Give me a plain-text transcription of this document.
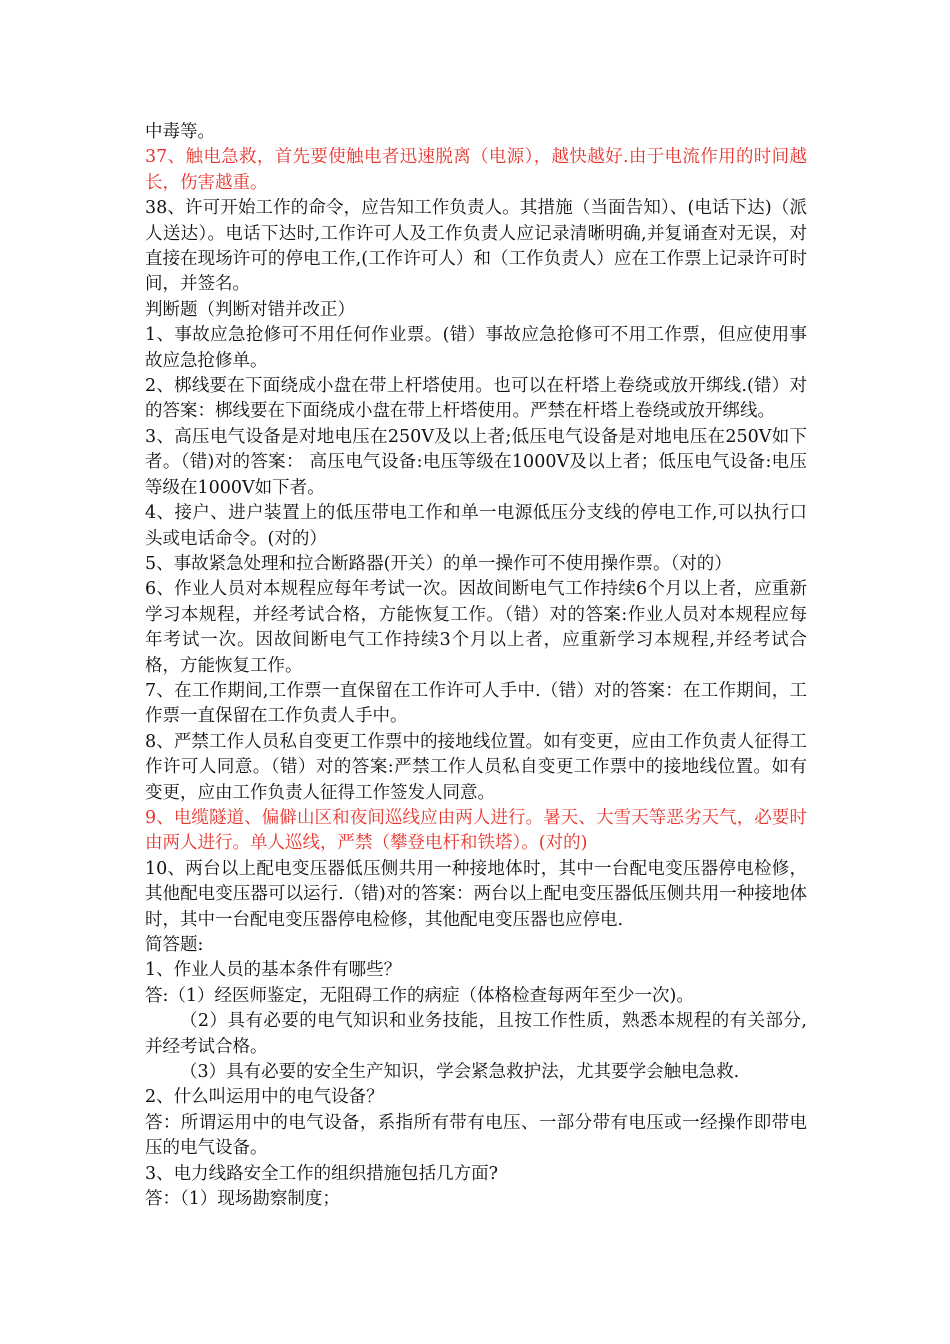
中毒等。

37、触电急救，首先要使触电者迅速脱离（电源），越快越好.由于电流作用的时间越长，伤害越重。

38、许可开始工作的命令，应告知工作负责人。其措施（当面告知）、(电话下达)（派人送达）。电话下达时,工作许可人及工作负责人应记录清晰明确,并复诵查对无误，对直接在现场许可的停电工作,(工作许可人）和（工作负责人）应在工作票上记录许可时间，并签名。

判断题（判断对错并改正）

1、事故应急抢修可不用任何作业票。(错）事故应急抢修可不用工作票，但应使用事故应急抢修单。

2、梆线要在下面绕成小盘在带上杆塔使用。也可以在杆塔上卷绕或放开绑线.(错）对的答案：梆线要在下面绕成小盘在带上杆塔使用。严禁在杆塔上卷绕或放开绑线。

3、高压电气设备是对地电压在250V及以上者;低压电气设备是对地电压在250V如下者。（错)对的答案： 高压电气设备:电压等级在1000V及以上者；低压电气设备:电压等级在1000V如下者。

4、接户、进户装置上的低压带电工作和单一电源低压分支线的停电工作,可以执行口头或电话命令。(对的）

5、事故紧急处理和拉合断路器(开关）的单一操作可不使用操作票。（对的）

6、作业人员对本规程应每年考试一次。因故间断电气工作持续6个月以上者，应重新学习本规程，并经考试合格，方能恢复工作。（错）对的答案:作业人员对本规程应每年考试一次。因故间断电气工作持续3个月以上者，应重新学习本规程,并经考试合格，方能恢复工作。

7、在工作期间,工作票一直保留在工作许可人手中.（错）对的答案：在工作期间，工作票一直保留在工作负责人手中。

8、严禁工作人员私自变更工作票中的接地线位置。如有变更，应由工作负责人征得工作许可人同意。（错）对的答案:严禁工作人员私自变更工作票中的接地线位置。如有变更，应由工作负责人征得工作签发人同意。

9、电缆隧道、偏僻山区和夜间巡线应由两人进行。暑天、大雪天等恶劣天气，必要时由两人进行。单人巡线，严禁（攀登电杆和铁塔）。(对的)

10、两台以上配电变压器低压侧共用一种接地体时，其中一台配电变压器停电检修，其他配电变压器可以运行.（错)对的答案：两台以上配电变压器低压侧共用一种接地体时，其中一台配电变压器停电检修，其他配电变压器也应停电.

简答题:

1、作业人员的基本条件有哪些？

答:（1）经医师鉴定，无阻碍工作的病症（体格检查每两年至少一次)。

（2）具有必要的电气知识和业务技能，且按工作性质，熟悉本规程的有关部分,并经考试合格。

（3）具有必要的安全生产知识，学会紧急救护法，尤其要学会触电急救.

2、什么叫运用中的电气设备？

答：所谓运用中的电气设备，系指所有带有电压、一部分带有电压或一经操作即带电压的电气设备。

3、电力线路安全工作的组织措施包括几方面?

答：（1）现场勘察制度；
